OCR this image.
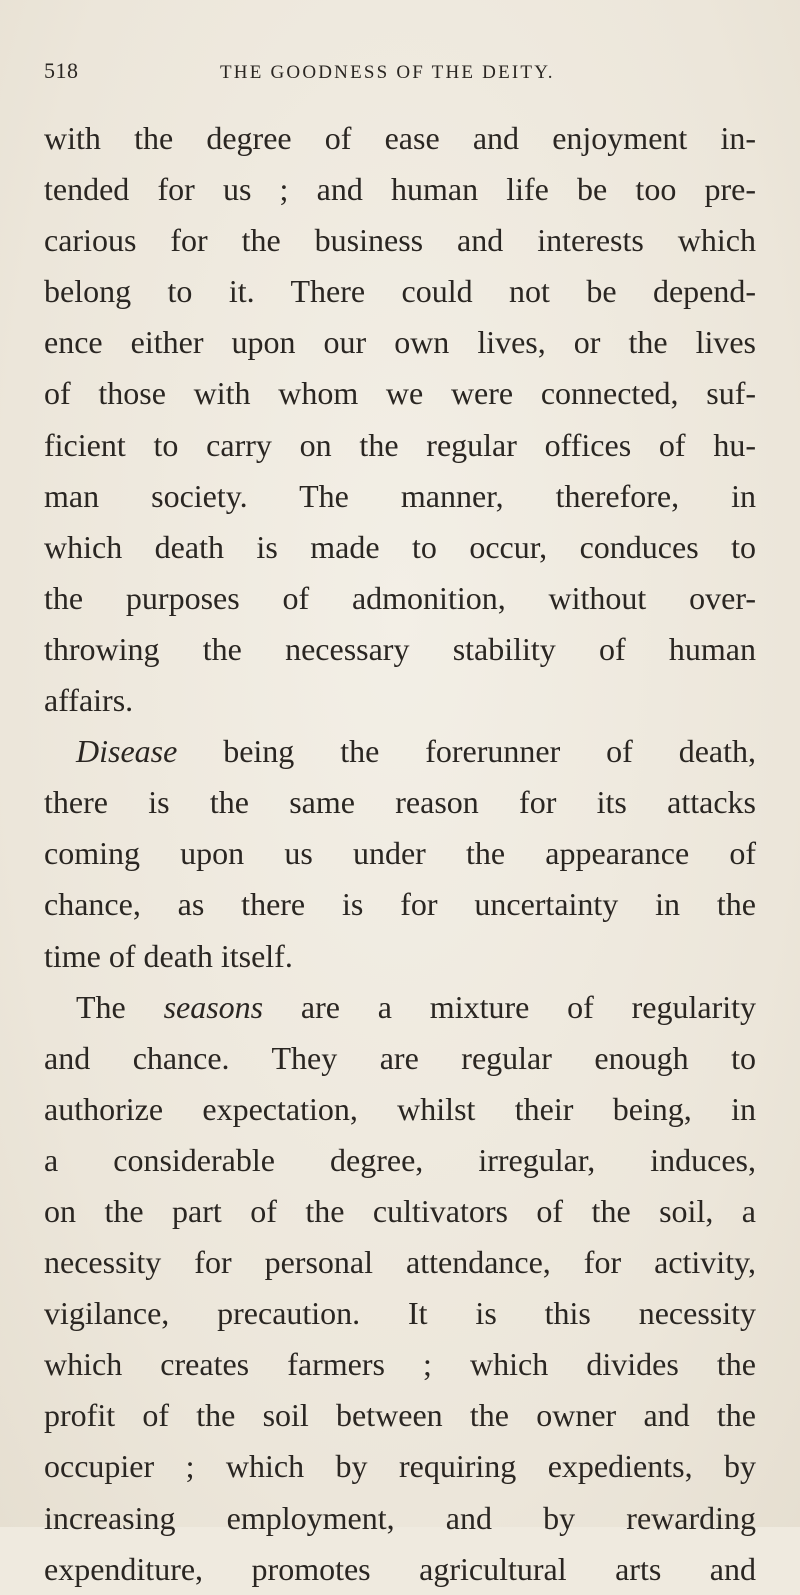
518	THE GOODNESS OF THE DEITY.
with the degree of ease and enjoyment in-
tended for us ; and human life be too pre-
carious for the business and interests which
belong to it. There could not be depend-
ence either upon our own lives, or the lives
of those with whom we were connected, suf-
ficient to carry on the regular offices of hu-
man society. The manner, therefore, in
which death is made to occur, conduces to
the purposes of admonition, without over-
throwing the necessary stability of human
affairs.
Disease being the forerunner of death,
there is the same reason for its attacks
coming upon us under the appearance of
chance, as there is for uncertainty in the
time of death itself.
The seasons are a mixture of regularity
and chance. They are regular enough to
authorize expectation, whilst their being, in
a considerable degree, irregular, induces,
on the part of the cultivators of the soil, a
necessity for personal attendance, for activity,
vigilance, precaution. It is this necessity
which creates farmers ; which divides the
profit of the soil between the owner and the
occupier ; which by requiring expedients, by
increasing employment, and by rewarding
expenditure, promotes agricultural arts and
